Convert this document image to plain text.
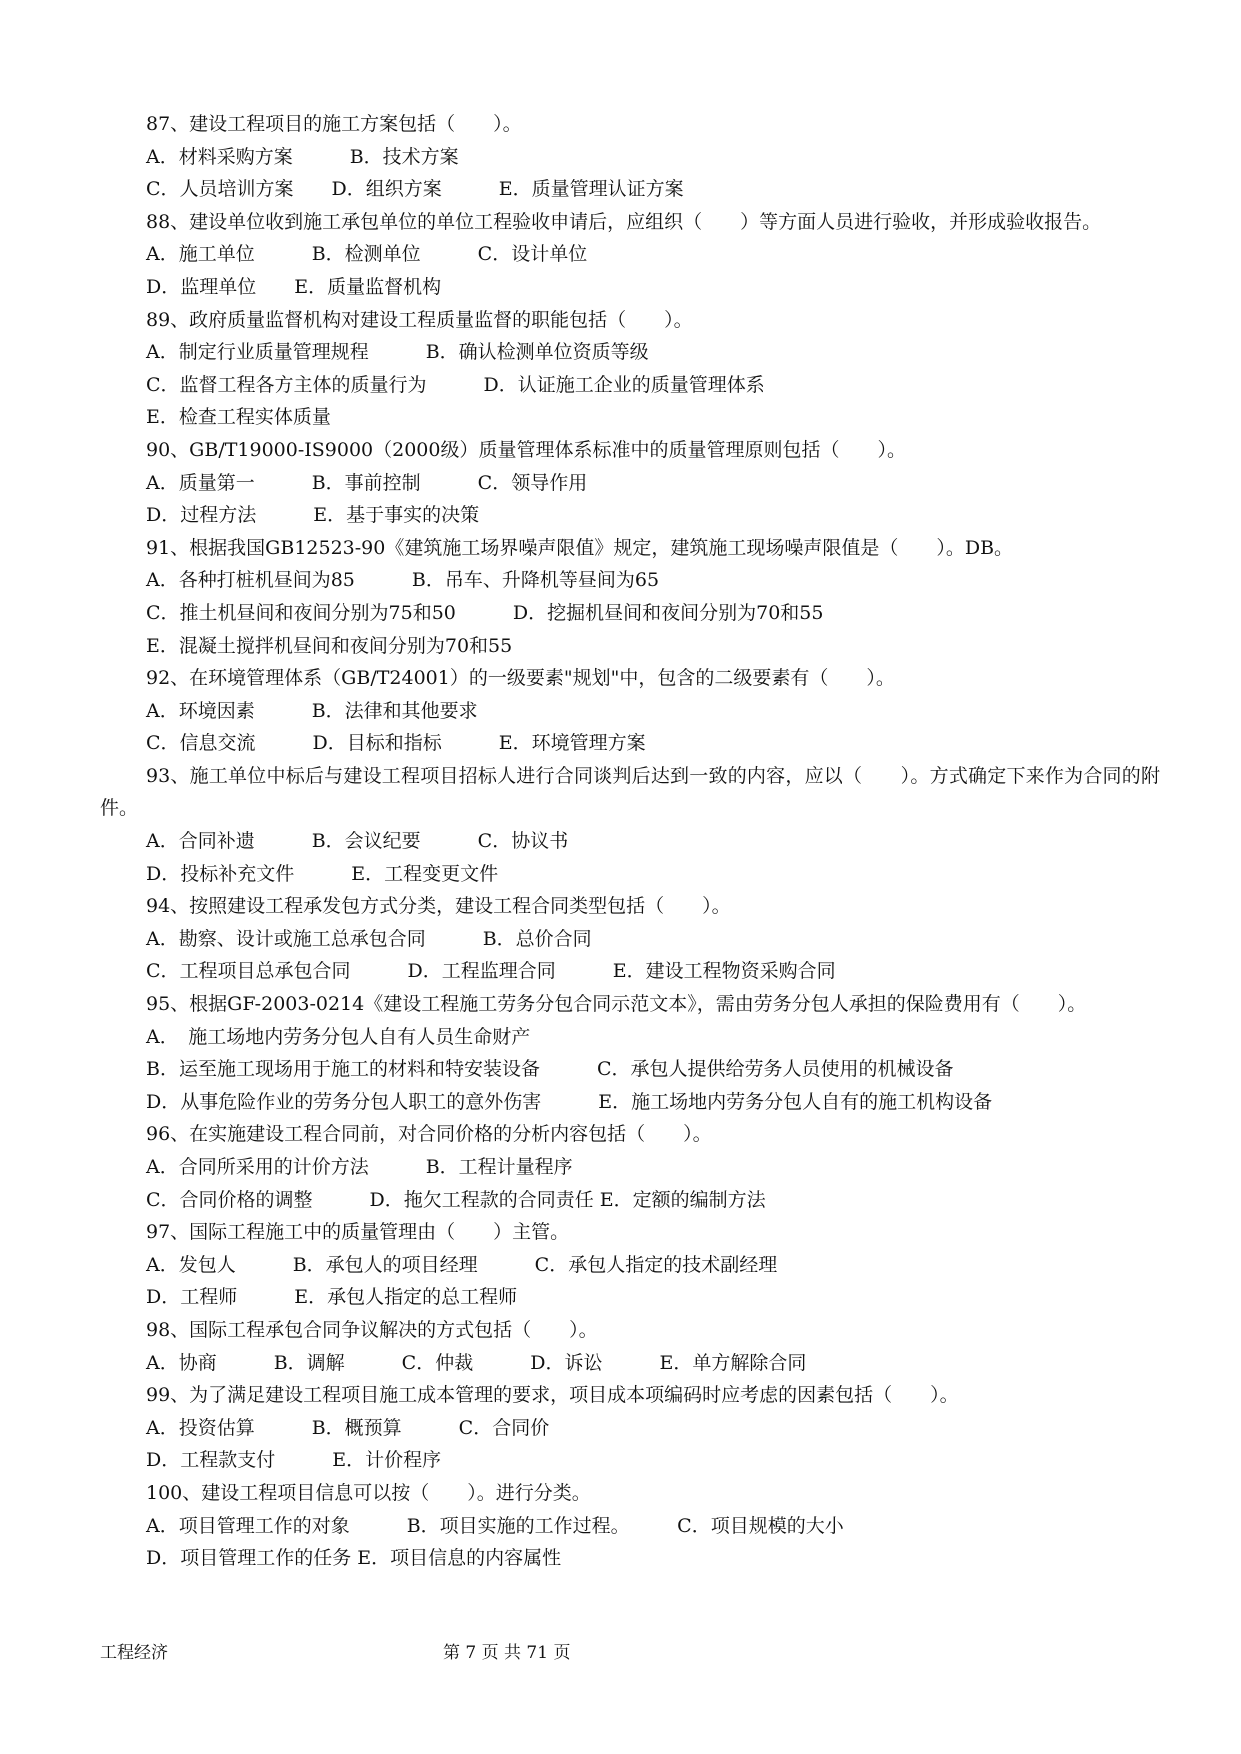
87、建设工程项目的施工方案包括（　　）。
A．材料采购方案　　　B．技术方案
C．人员培训方案　　D．组织方案　　　E．质量管理认证方案
88、建设单位收到施工承包单位的单位工程验收申请后，应组织（　　）等方面人员进行验收，并形成验收报告。
A．施工单位　　　B．检测单位　　　C．设计单位
D．监理单位　　E．质量监督机构
89、政府质量监督机构对建设工程质量监督的职能包括（　　）。
A．制定行业质量管理规程　　　B．确认检测单位资质等级
C．监督工程各方主体的质量行为　　　D．认证施工企业的质量管理体系
E．检查工程实体质量
90、GB/T19000-IS9000（2000级）质量管理体系标准中的质量管理原则包括（　　）。
A．质量第一　　　B．事前控制　　　C．领导作用
D．过程方法　　　E．基于事实的决策
91、根据我国GB12523-90《建筑施工场界噪声限值》规定，建筑施工现场噪声限值是（　　）。DB。
A．各种打桩机昼间为85　　　B．吊车、升降机等昼间为65
C．推土机昼间和夜间分别为75和50　　　D．挖掘机昼间和夜间分别为70和55
E．混凝土搅拌机昼间和夜间分别为70和55
92、在环境管理体系（GB/T24001）的一级要素"规划"中，包含的二级要素有（　　）。
A．环境因素　　　B．法律和其他要求
C．信息交流　　　D．目标和指标　　　E．环境管理方案
93、施工单位中标后与建设工程项目招标人进行合同谈判后达到一致的内容，应以（　　）。方式确定下来作为合同的附件。
A．合同补遗　　　B．会议纪要　　　C．协议书
D．投标补充文件　　　E．工程变更文件
94、按照建设工程承发包方式分类，建设工程合同类型包括（　　）。
A．勘察、设计或施工总承包合同　　　B．总价合同
C．工程项目总承包合同　　　D．工程监理合同　　　E．建设工程物资采购合同
95、根据GF-2003-0214《建设工程施工劳务分包合同示范文本》，需由劳务分包人承担的保险费用有（　　）。
A．　施工场地内劳务分包人自有人员生命财产
B．运至施工现场用于施工的材料和特安装设备　　　C．承包人提供给劳务人员使用的机械设备
D．从事危险作业的劳务分包人职工的意外伤害　　　E．施工场地内劳务分包人自有的施工机构设备
96、在实施建设工程合同前，对合同价格的分析内容包括（　　）。
A．合同所采用的计价方法　　　B．工程计量程序
C．合同价格的调整　　　D．拖欠工程款的合同责任 E．定额的编制方法
97、国际工程施工中的质量管理由（　　）主管。
A．发包人　　　B．承包人的项目经理　　　C．承包人指定的技术副经理
D．工程师　　　E．承包人指定的总工程师
98、国际工程承包合同争议解决的方式包括（　　）。
A．协商　　　B．调解　　　C．仲裁　　　D．诉讼　　　E．单方解除合同
99、为了满足建设工程项目施工成本管理的要求，项目成本项编码时应考虑的因素包括（　　）。
A．投资估算　　　B．概预算　　　C．合同价
D．工程款支付　　　E．计价程序
100、建设工程项目信息可以按（　　）。进行分类。
A．项目管理工作的对象　　　B．项目实施的工作过程。　　　C．项目规模的大小
D．项目管理工作的任务 E．项目信息的内容属性
工程经济	第 7 页 共 71 页
